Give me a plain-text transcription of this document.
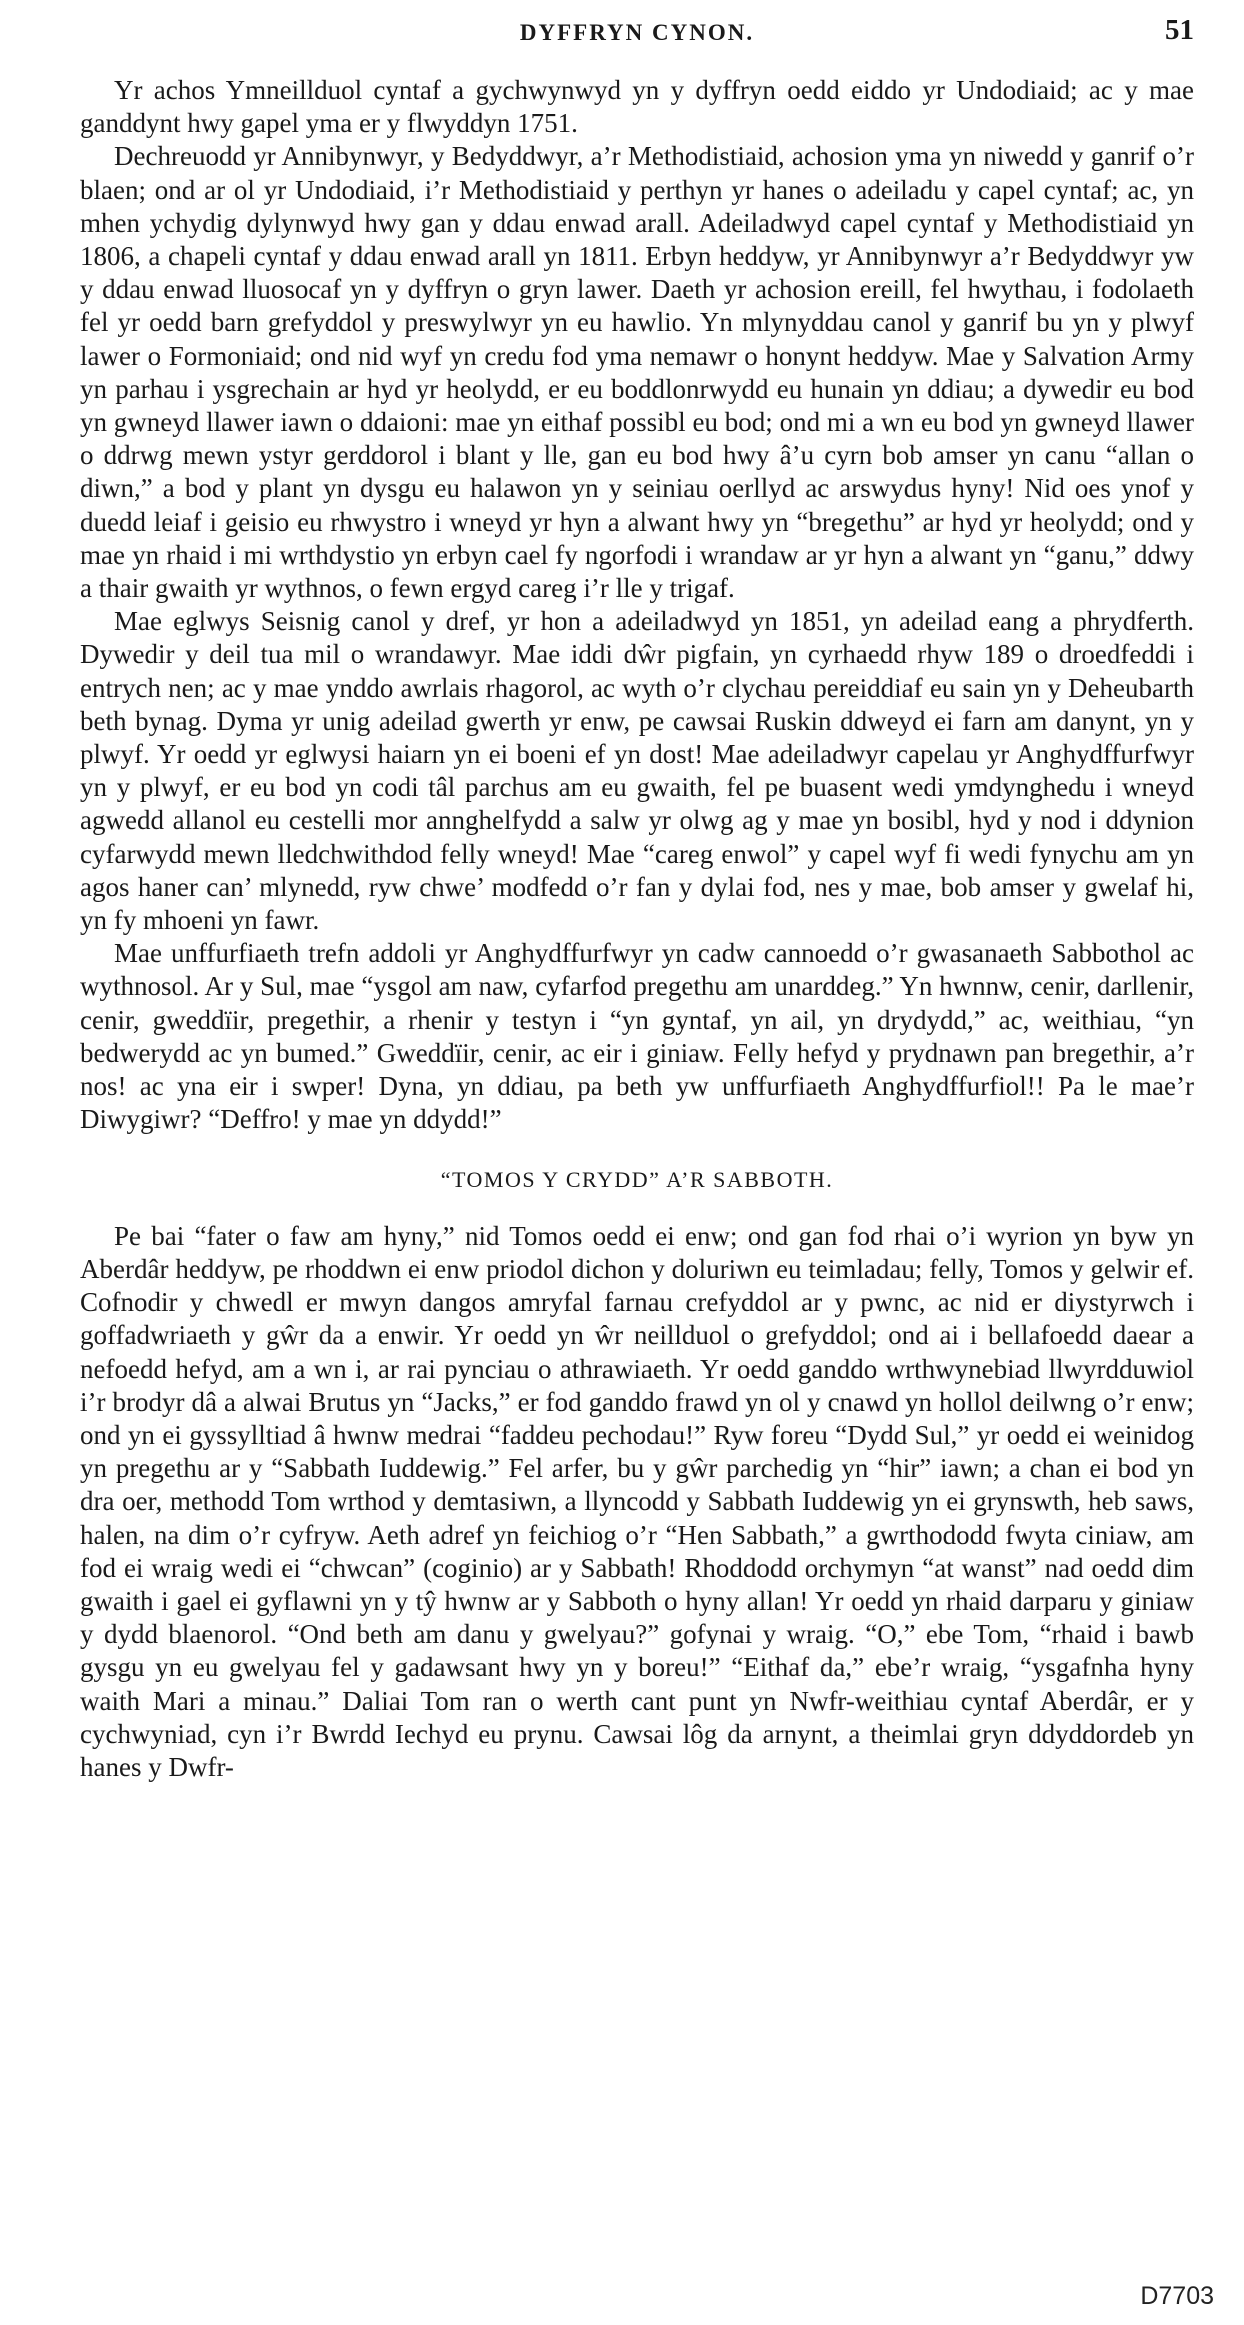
DYFFRYN CYNON.	51

Yr achos Ymneillduol cyntaf a gychwynwyd yn y dyffryn oedd eiddo yr Undodiaid; ac y mae ganddynt hwy gapel yma er y flwyddyn 1751.

Dechreuodd yr Annibynwyr, y Bedyddwyr, a’r Methodistiaid, achosion yma yn niwedd y ganrif o’r blaen; ond ar ol yr Undodiaid, i’r Methodistiaid y perthyn yr hanes o adeiladu y capel cyntaf; ac, yn mhen ychydig dylynwyd hwy gan y ddau enwad arall. Adeiladwyd capel cyntaf y Methodistiaid yn 1806, a chapeli cyntaf y ddau enwad arall yn 1811. Erbyn heddyw, yr Annibynwyr a’r Bedyddwyr yw y ddau enwad lluosocaf yn y dyffryn o gryn lawer. Daeth yr achosion ereill, fel hwythau, i fodolaeth fel yr oedd barn grefyddol y preswylwyr yn eu hawlio. Yn mlynyddau canol y ganrif bu yn y plwyf lawer o Formoniaid; ond nid wyf yn credu fod yma nemawr o honynt heddyw. Mae y Salvation Army yn parhau i ysgrechain ar hyd yr heolydd, er eu boddlonrwydd eu hunain yn ddiau; a dywedir eu bod yn gwneyd llawer iawn o ddaioni: mae yn eithaf possibl eu bod; ond mi a wn eu bod yn gwneyd llawer o ddrwg mewn ystyr gerddorol i blant y lle, gan eu bod hwy â’u cyrn bob amser yn canu “allan o diwn,” a bod y plant yn dysgu eu halawon yn y seiniau oerllyd ac arswydus hyny! Nid oes ynof y duedd leiaf i geisio eu rhwystro i wneyd yr hyn a alwant hwy yn “bregethu” ar hyd yr heolydd; ond y mae yn rhaid i mi wrthdystio yn erbyn cael fy ngorfodi i wrandaw ar yr hyn a alwant yn “ganu,” ddwy a thair gwaith yr wythnos, o fewn ergyd careg i’r lle y trigaf.

Mae eglwys Seisnig canol y dref, yr hon a adeiladwyd yn 1851, yn adeilad eang a phrydferth. Dywedir y deil tua mil o wrandawyr. Mae iddi dŵr pigfain, yn cyrhaedd rhyw 189 o droedfeddi i entrych nen; ac y mae ynddo awrlais rhagorol, ac wyth o’r clychau pereiddiaf eu sain yn y Deheubarth beth bynag. Dyma yr unig adeilad gwerth yr enw, pe cawsai Ruskin ddweyd ei farn am danynt, yn y plwyf. Yr oedd yr eglwysi haiarn yn ei boeni ef yn dost! Mae adeiladwyr capelau yr Anghydffurfwyr yn y plwyf, er eu bod yn codi tâl parchus am eu gwaith, fel pe buasent wedi ymdynghedu i wneyd agwedd allanol eu cestelli mor annghelfydd a salw yr olwg ag y mae yn bosibl, hyd y nod i ddynion cyfarwydd mewn lledchwithdod felly wneyd! Mae “careg enwol” y capel wyf fi wedi fynychu am yn agos haner can’ mlynedd, ryw chwe’ modfedd o’r fan y dylai fod, nes y mae, bob amser y gwelaf hi, yn fy mhoeni yn fawr.

Mae unffurfiaeth trefn addoli yr Anghydffurfwyr yn cadw cannoedd o’r gwasanaeth Sabbothol ac wythnosol. Ar y Sul, mae “ysgol am naw, cyfarfod pregethu am unarddeg.” Yn hwnnw, cenir, darllenir, cenir, gweddïir, pregethir, a rhenir y testyn i “yn gyntaf, yn ail, yn drydydd,” ac, weithiau, “yn bedwerydd ac yn bumed.” Gweddïir, cenir, ac eir i giniaw. Felly hefyd y prydnawn pan bregethir, a’r nos! ac yna eir i swper! Dyna, yn ddiau, pa beth yw unffurfiaeth Anghydffurfiol!! Pa le mae’r Diwygiwr? “Deffro! y mae yn ddydd!”

“TOMOS Y CRYDD” A’R SABBOTH.

Pe bai “fater o faw am hyny,” nid Tomos oedd ei enw; ond gan fod rhai o’i wyrion yn byw yn Aberdâr heddyw, pe rhoddwn ei enw priodol dichon y doluriwn eu teimladau; felly, Tomos y gelwir ef. Cofnodir y chwedl er mwyn dangos amryfal farnau crefyddol ar y pwnc, ac nid er diystyrwch i goffadwriaeth y gŵr da a enwir. Yr oedd yn ŵr neillduol o grefyddol; ond ai i bellafoedd daear a nefoedd hefyd, am a wn i, ar rai pynciau o athrawiaeth. Yr oedd ganddo wrthwynebiad llwyrdduwiol i’r brodyr dâ a alwai Brutus yn “Jacks,” er fod ganddo frawd yn ol y cnawd yn hollol deilwng o’r enw; ond yn ei gyssylltiad â hwnw medrai “faddeu pechodau!” Ryw foreu “Dydd Sul,” yr oedd ei weinidog yn pregethu ar y “Sabbath Iuddewig.” Fel arfer, bu y gŵr parchedig yn “hir” iawn; a chan ei bod yn dra oer, methodd Tom wrthod y demtasiwn, a llyncodd y Sabbath Iuddewig yn ei grynswth, heb saws, halen, na dim o’r cyfryw. Aeth adref yn feichiog o’r “Hen Sabbath,” a gwrthododd fwyta ciniaw, am fod ei wraig wedi ei “chwcan” (coginio) ar y Sabbath! Rhoddodd orchymyn “at wanst” nad oedd dim gwaith i gael ei gyflawni yn y tŷ hwnw ar y Sabboth o hyny allan! Yr oedd yn rhaid darparu y giniaw y dydd blaenorol. “Ond beth am danu y gwelyau?” gofynai y wraig. “O,” ebe Tom, “rhaid i bawb gysgu yn eu gwelyau fel y gadawsant hwy yn y boreu!” “Eithaf da,” ebe’r wraig, “ysgafnha hyny waith Mari a minau.” Daliai Tom ran o werth cant punt yn Nwfr-weithiau cyntaf Aberdâr, er y cychwyniad, cyn i’r Bwrdd Iechyd eu prynu. Cawsai lôg da arnynt, a theimlai gryn ddyddordeb yn hanes y Dwfr-

D7703
